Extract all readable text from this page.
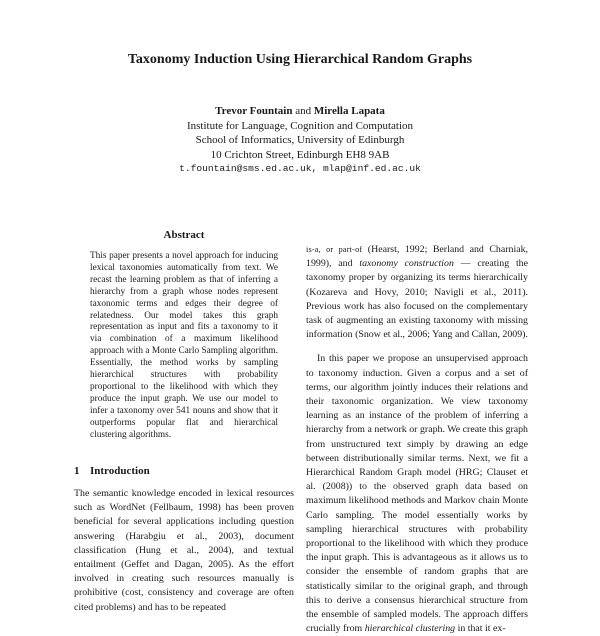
Taxonomy Induction Using Hierarchical Random Graphs
Trevor Fountain and Mirella Lapata
Institute for Language, Cognition and Computation
School of Informatics, University of Edinburgh
10 Crichton Street, Edinburgh EH8 9AB
t.fountain@sms.ed.ac.uk, mlap@inf.ed.ac.uk
Abstract
This paper presents a novel approach for inducing lexical taxonomies automatically from text. We recast the learning problem as that of inferring a hierarchy from a graph whose nodes represent taxonomic terms and edges their degree of relatedness. Our model takes this graph representation as input and fits a taxonomy to it via combination of a maximum likelihood approach with a Monte Carlo Sampling algorithm. Essentially, the method works by sampling hierarchical structures with probability proportional to the likelihood with which they produce the input graph. We use our model to infer a taxonomy over 541 nouns and show that it outperforms popular flat and hierarchical clustering algorithms.
1 Introduction

The semantic knowledge encoded in lexical resources such as WordNet (Fellbaum, 1998) has been proven beneficial for several applications including question answering (Harabgiu et al., 2003), document classification (Hung et al., 2004), and textual entailment (Geffet and Dagan, 2005). As the effort involved in creating such resources manually is prohibitive (cost, consistency and coverage are often cited problems) and has to be repeated

is-a, or part-of (Hearst, 1992; Berland and Charniak, 1999), and taxonomy construction — creating the taxonomy proper by organizing its terms hierarchically (Kozareva and Hovy, 2010; Navigli et al., 2011). Previous work has also focused on the complementary task of augmenting an existing taxonomy with missing information (Snow et al., 2006; Yang and Callan, 2009).

In this paper we propose an unsupervised approach to taxonomy induction. Given a corpus and a set of terms, our algorithm jointly induces their relations and their taxonomic organization. We view taxonomy learning as an instance of the problem of inferring a hierarchy from a network or graph. We create this graph from unstructured text simply by drawing an edge between distributionally similar terms. Next, we fit a Hierarchical Random Graph model (HRG; Clauset et al. (2008)) to the observed graph data based on maximum likelihood methods and Markov chain Monte Carlo sampling. The model essentially works by sampling hierarchical structures with probability proportional to the likelihood with which they produce the input graph. This is advantageous as it allows us to consider the ensemble of random graphs that are statistically similar to the original graph, and through this to derive a consensus hierarchical structure from the ensemble of sampled models. The approach differs crucially from hierarchical clustering in that it ex-
